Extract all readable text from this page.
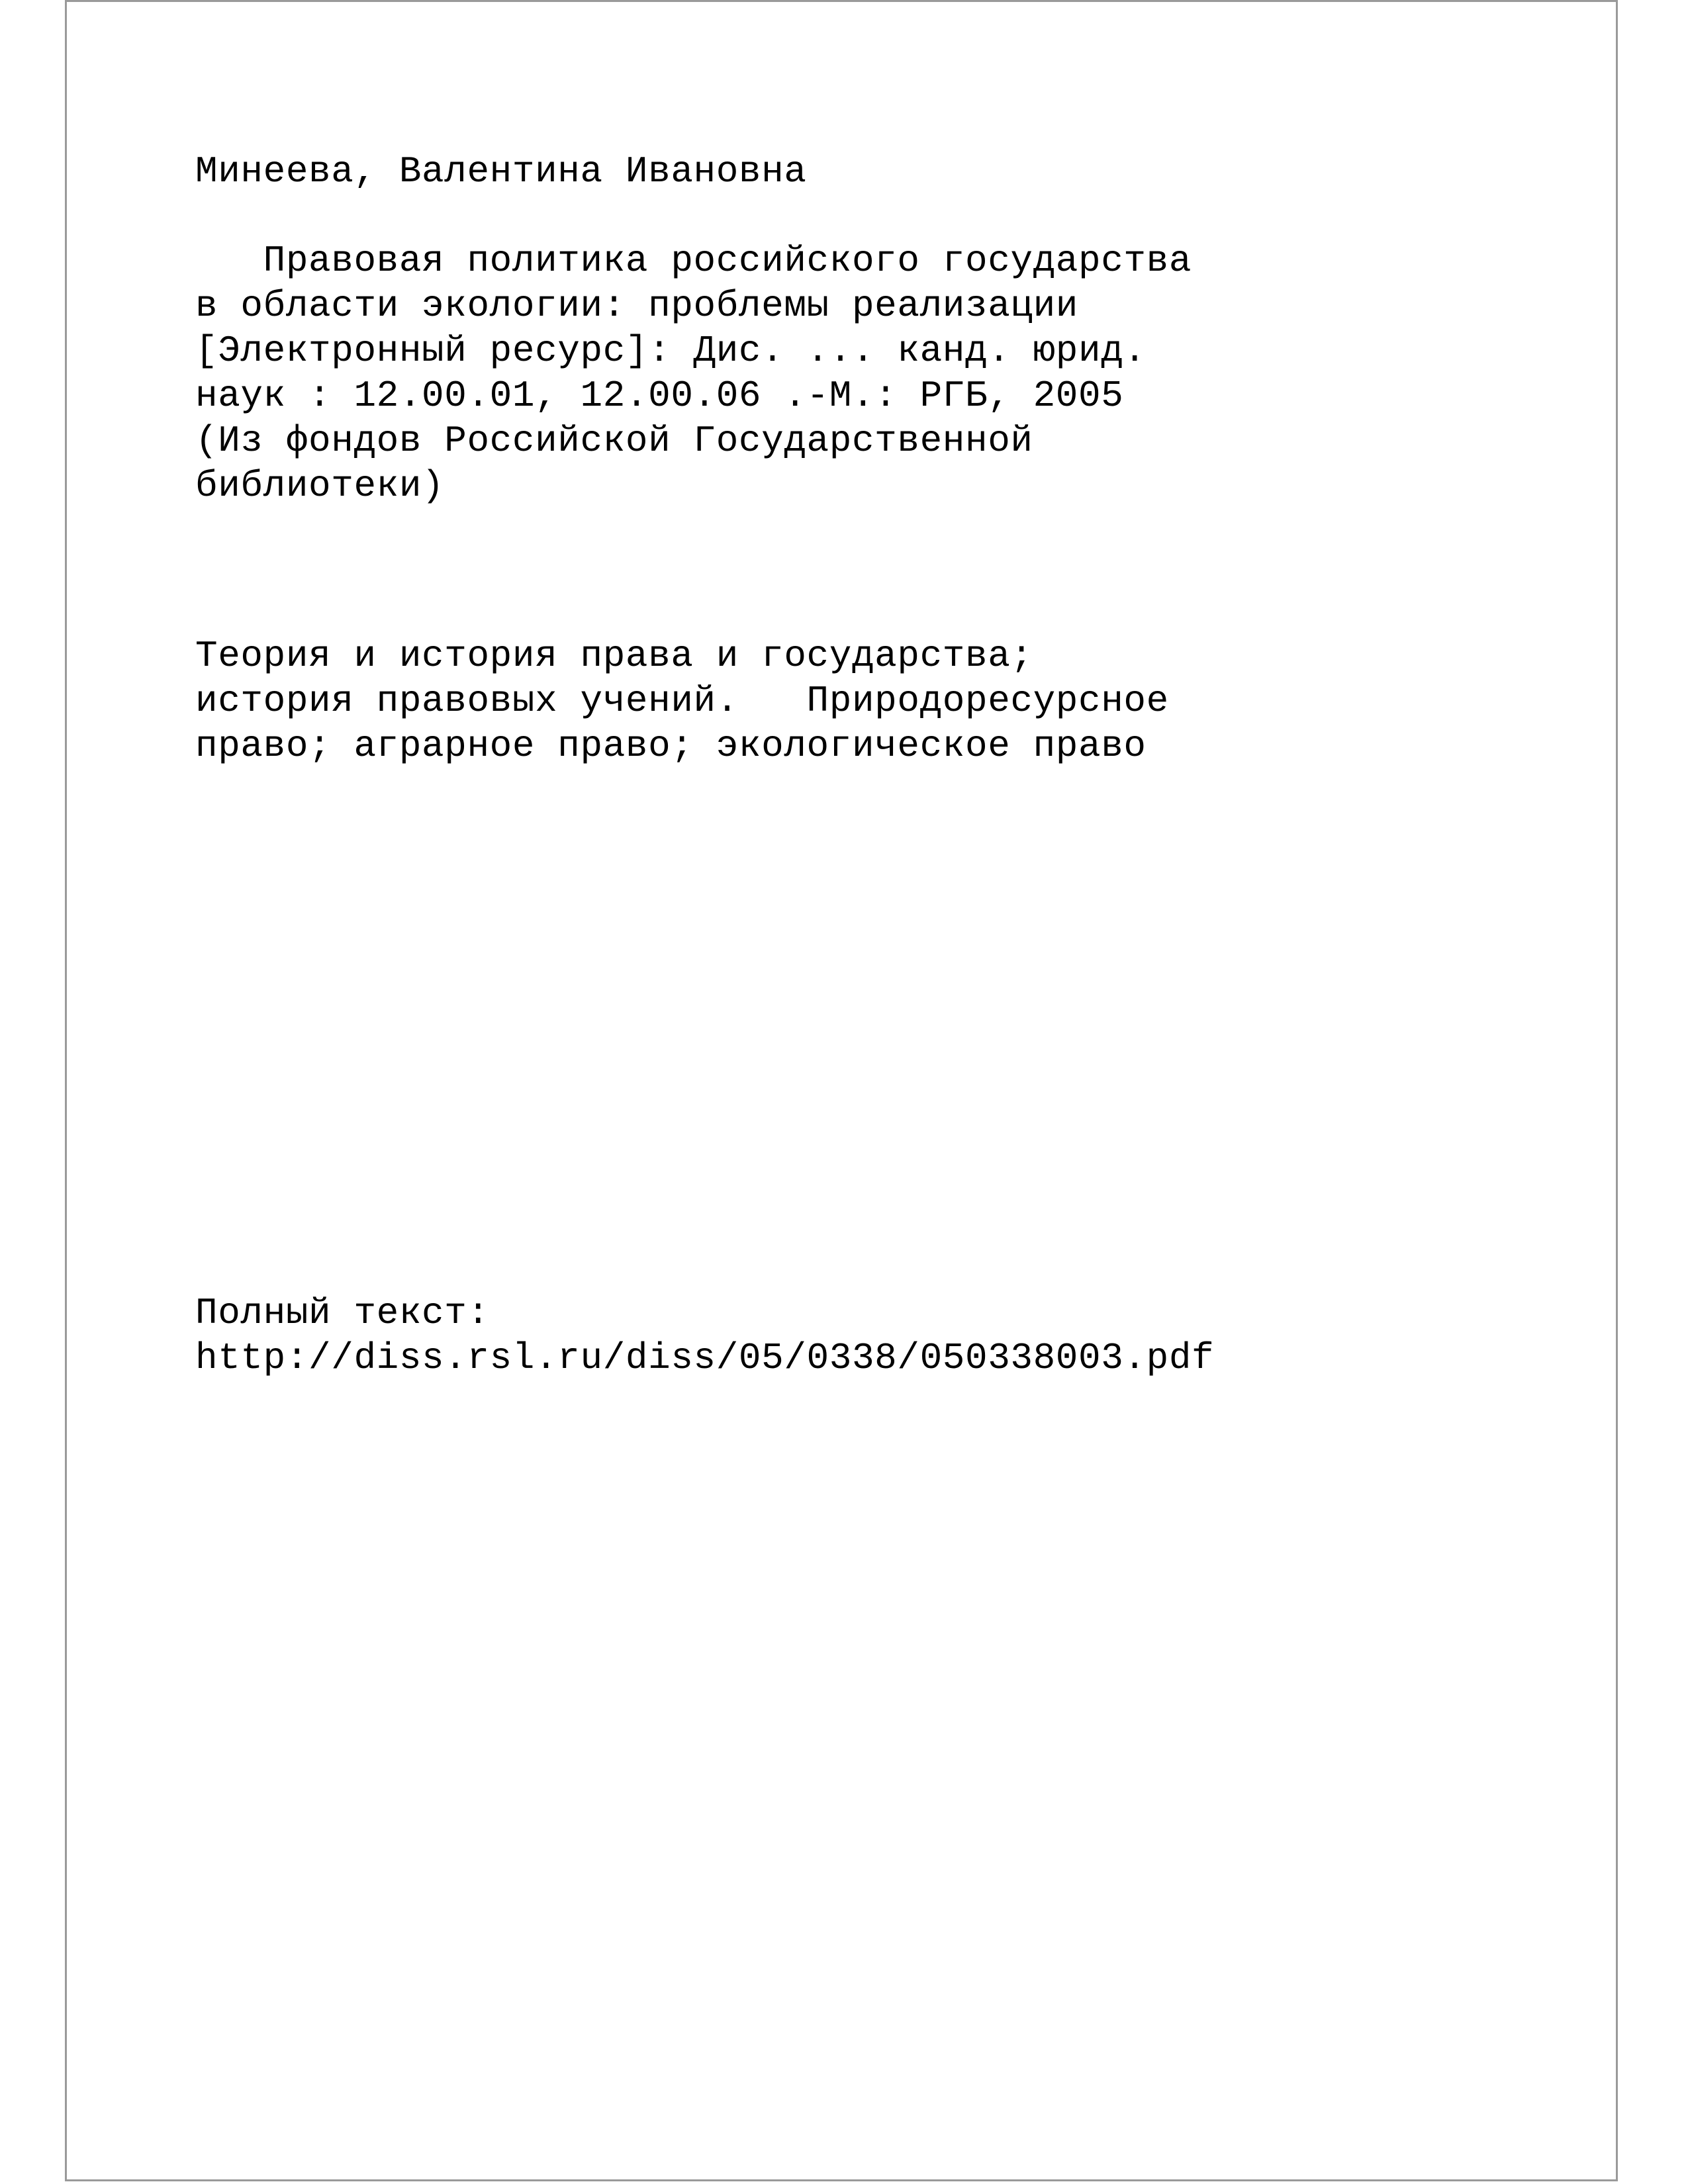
Минеева, Валентина Ивановна

Правовая политика российского государства

в области экологии: проблемы реализации

[Электронный ресурс]: Дис. ... канд. юрид.

наук : 12.00.01, 12.00.06 .-М.: РГБ, 2005

(Из фондов Российской Государственной

библиотеки)

Теория и история права и государства;

история правовых учений.   Природоресурсное

право; аграрное право; экологическое право

Полный текст:

http://diss.rsl.ru/diss/05/0338/050338003.pdf
